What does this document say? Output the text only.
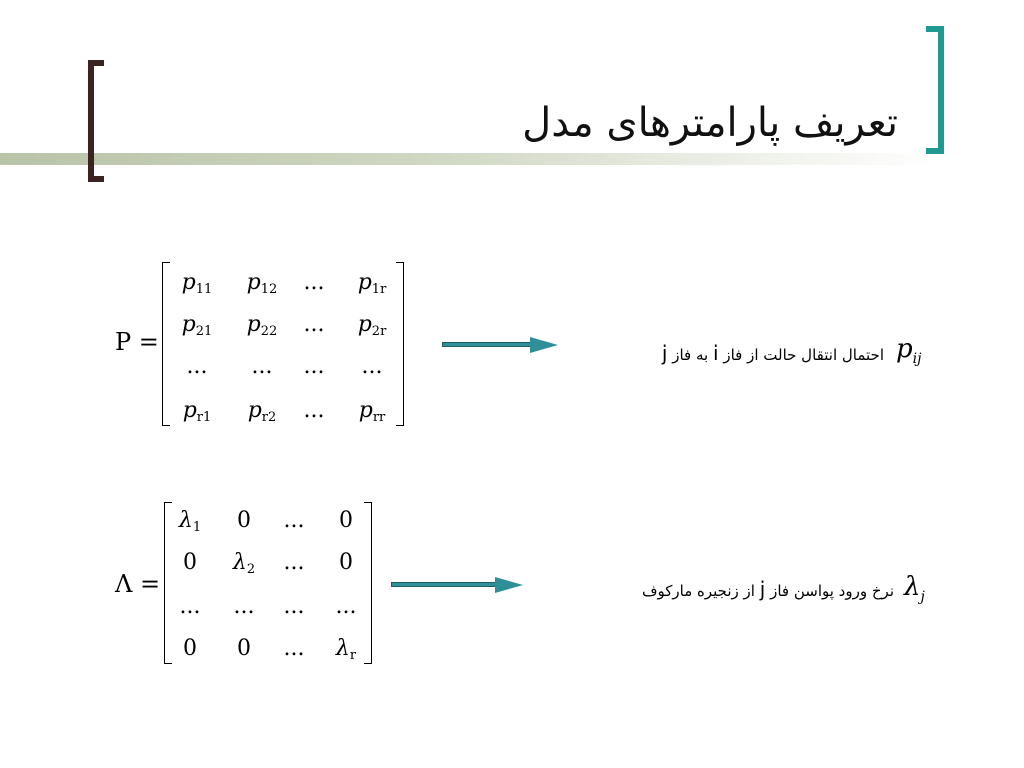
تعریف پارامترهای مدل
P =
$p_{11}$	$p_{12}$	...	$p_{1r}$
$p_{21}$	$p_{22}$	...	$p_{2r}$
...	...	...	...
$p_{r1}$	$p_{r2}$	...	$p_{rr}$
$p_{ij}$
احتمال انتقال حالت از فاز i به فاز j
Λ =
$\lambda_1$	0	...	0
0	$\lambda_2$	...	0
...	...	...	...
0	0	...	$\lambda_r$
$\lambda_j$
نرخ ورود پواسن فاز j از زنجیره مارکوف
